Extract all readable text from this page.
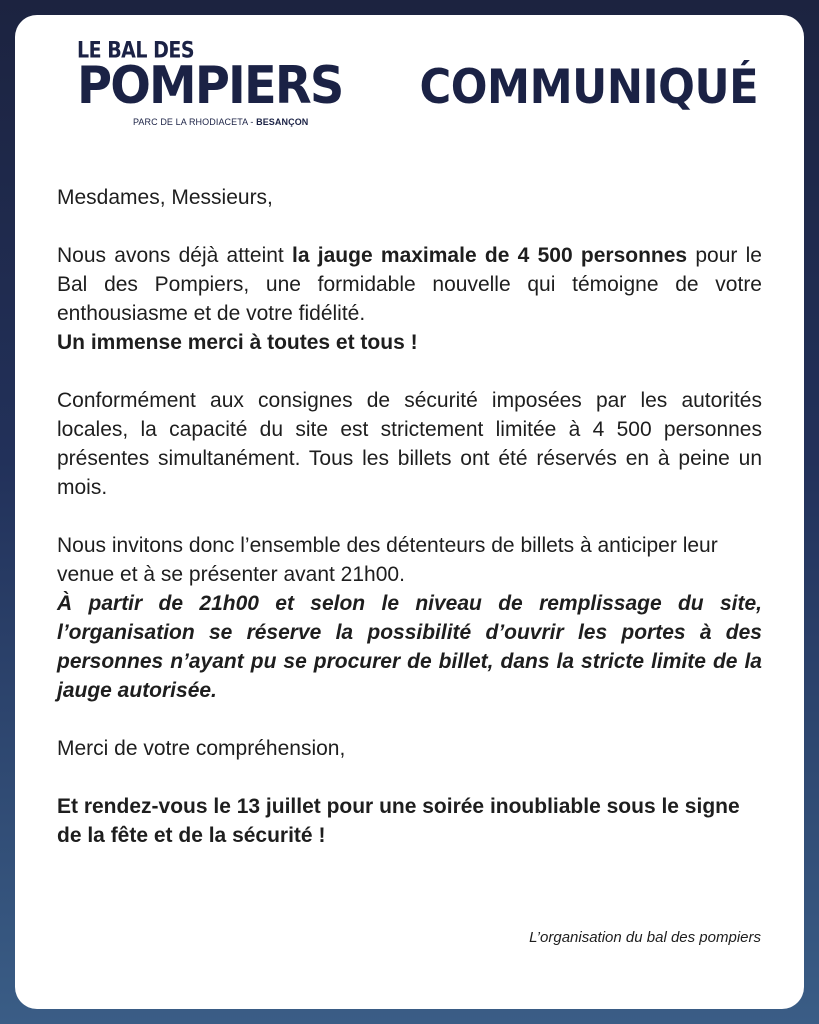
LE BAL DES
POMPIERS
PARC DE LA RHODIACETA - BESANÇON
COMMUNIQUÉ

Mesdames, Messieurs,

Nous avons déjà atteint la jauge maximale de 4 500 personnes pour le Bal des Pompiers, une formidable nouvelle qui témoigne de votre enthousiasme et de votre fidélité.

Un immense merci à toutes et tous !

Conformément aux consignes de sécurité imposées par les autorités locales, la capacité du site est strictement limitée à 4 500 personnes présentes simultanément. Tous les billets ont été réservés en à peine un mois.

Nous invitons donc l’ensemble des détenteurs de billets à anticiper leur venue et à se présenter avant 21h00.

À partir de 21h00 et selon le niveau de remplissage du site, l’organisation se réserve la possibilité d’ouvrir les portes à des personnes n’ayant pu se procurer de billet, dans la stricte limite de la jauge autorisée.

Merci de votre compréhension,

Et rendez-vous le 13 juillet pour une soirée inoubliable sous le signe de la fête et de la sécurité !

L’organisation du bal des pompiers
